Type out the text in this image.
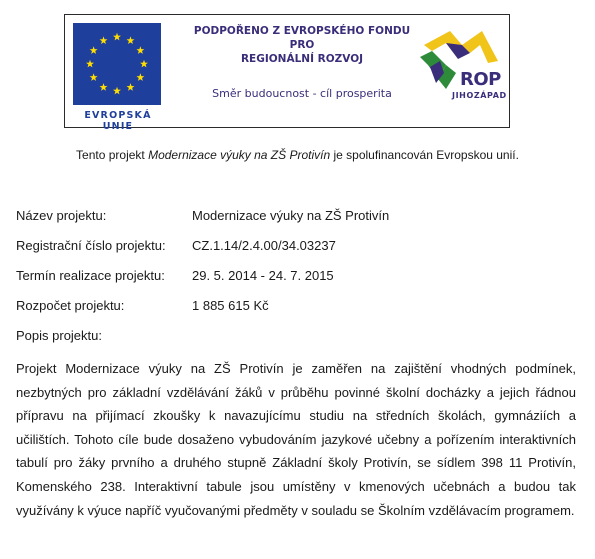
EVROPSKÁ UNIE
PODPOŘENO Z EVROPSKÉHO FONDU
PRO
REGIONÁLNÍ ROZVOJ
Směr budoucnost - cíl prosperita
ROP
JIHOZÁPAD
Tento projekt Modernizace výuky na ZŠ Protivín je spolufinancován Evropskou unií.
Název projektu:	Modernizace výuky na ZŠ Protivín
Registrační číslo projektu: CZ.1.14/2.4.00/34.03237
Termín realizace projektu: 29. 5. 2014 - 24. 7. 2015
Rozpočet projektu:	1 885 615 Kč
Popis projektu:

Projekt Modernizace výuky na ZŠ Protivín je zaměřen na zajištění vhodných podmínek, nezbytných pro základní vzdělávání žáků v průběhu povinné školní docházky a jejich řádnou přípravu na přijímací zkoušky k navazujícímu studiu na středních školách, gymnáziích a učilištích. Tohoto cíle bude dosaženo vybudováním jazykové učebny a pořízením interaktivních tabulí pro žáky prvního a druhého stupně Základní školy Protivín, se sídlem 398 11 Protivín, Komenského 238. Interaktivní tabule jsou umístěny v kmenových učebnách a budou tak využívány k výuce napříč vyučovanými předměty v souladu se Školním vzdělávacím programem.
